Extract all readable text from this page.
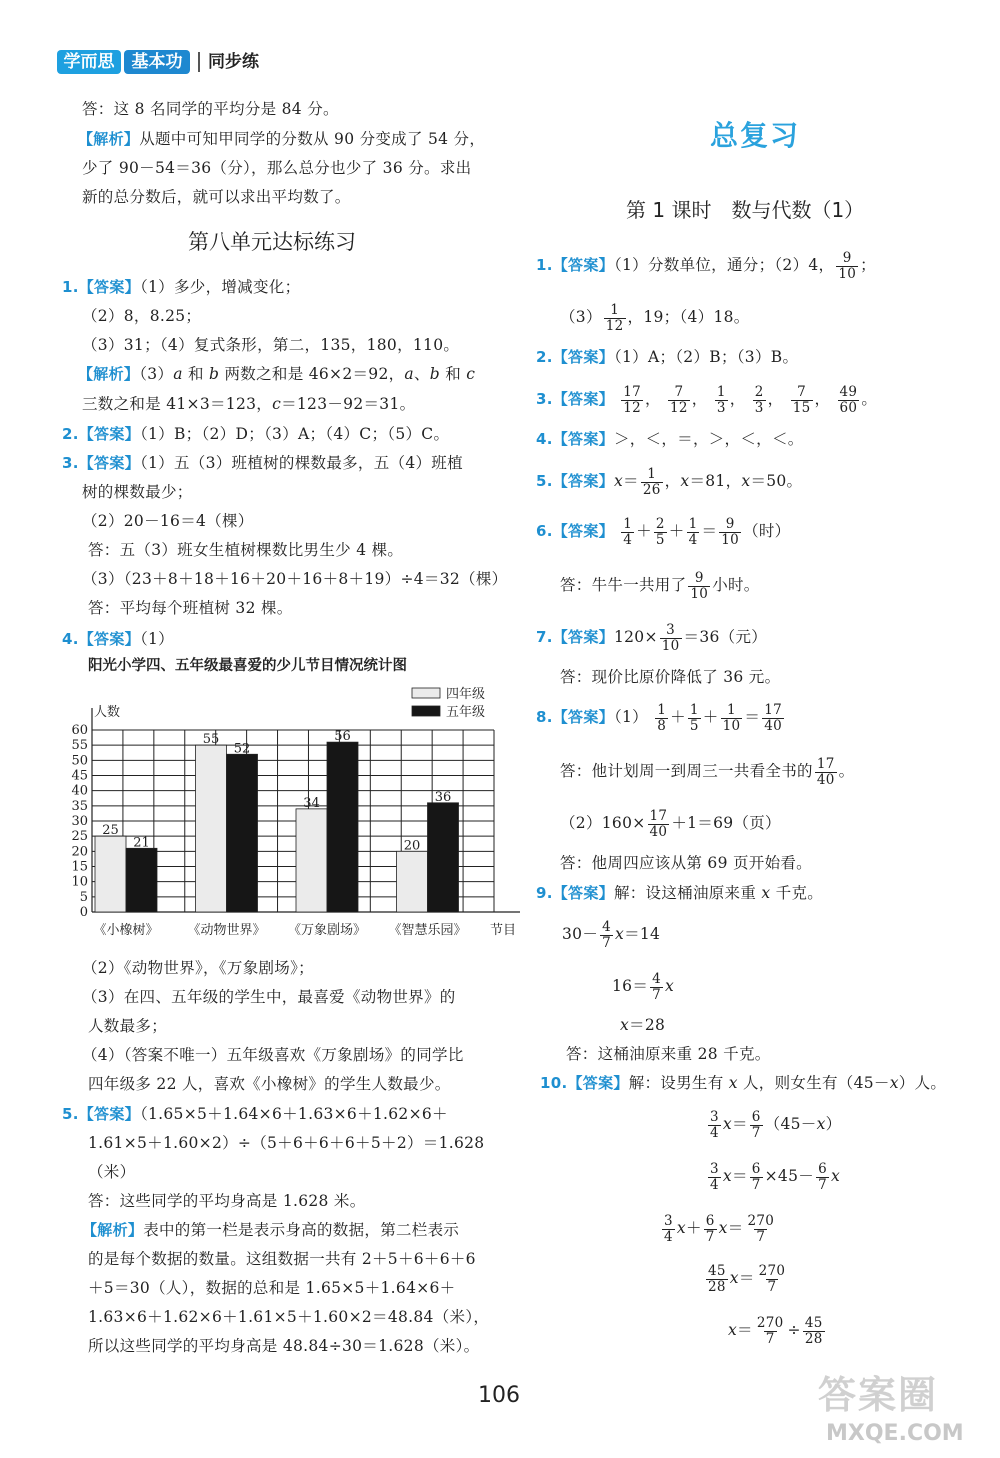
学而思	基本功	同步练
答：这 8 名同学的平均分是 84 分。
【解析】从题中可知甲同学的分数从 90 分变成了 54 分，
少了 90－54＝36（分），那么总分也少了 36 分。求出
新的总分数后，就可以求出平均数了。
第八单元达标练习
1.【答案】（1）多少，增减变化；
（2）8，8.25；
（3）31；（4）复式条形，第二，135，180，110。
【解析】（3）a 和 b 两数之和是 46×2＝92，a、b 和 c
三数之和是 41×3＝123，c＝123－92＝31。
2.【答案】（1）B；（2）D；（3）A；（4）C；（5）C。
3.【答案】（1）五（3）班植树的棵数最多，五（4）班植
树的棵数最少；
（2）20－16＝4（棵）
答：五（3）班女生植树棵数比男生少 4 棵。
（3）（23＋8＋18＋16＋20＋16＋8＋19）÷4＝32（棵）
答：平均每个班植树 32 棵。
4.【答案】（1）
阳光小学四、五年级最喜爱的少儿节目情况统计图
0
5
10
15
20
25
30
35
40
45
50
55
60
人数
节目
25
21
《小橡树》
55
52
《动物世界》
34
56
《万象剧场》
20
36
《智慧乐园》
四年级
五年级
（2）《动物世界》，《万象剧场》；
（3）在四、五年级的学生中，最喜爱《动物世界》的
人数最多；
（4）（答案不唯一）五年级喜欢《万象剧场》的同学比
四年级多 22 人，喜欢《小橡树》的学生人数最少。
5.【答案】（1.65×5＋1.64×6＋1.63×6＋1.62×6＋
1.61×5＋1.60×2）÷（5＋6＋6＋6＋5＋2）＝1.628
（米）
答：这些同学的平均身高是 1.628 米。
【解析】表中的第一栏是表示身高的数据，第二栏表示
的是每个数据的数量。这组数据一共有 2＋5＋6＋6＋6
＋5＝30（人），数据的总和是 1.65×5＋1.64×6＋
1.63×6＋1.62×6＋1.61×5＋1.60×2＝48.84（米），
所以这些同学的平均身高是 48.84÷30＝1.628（米）。
总复习
第 1 课时　数与代数（1）
1.【答案】（1）分数单位，通分；（2）4， $\frac{9}{10}$ ；
$(3) \frac{1}{12}$ ，19；（4）18。
2.【答案】（1）A；（2）B；（3）B。
3.【答案】 $\frac{17}{12}$ ， $\frac{7}{12}$ ， $\frac{1}{3}$ ， $\frac{2}{3}$ ， $\frac{7}{15}$ ， $\frac{49}{60}$ 。
4.【答案】＞，＜，＝，＞，＜，＜。
5.【答案】$x= \frac{1}{26}$ ，x＝81，x＝50。
6.【答案】 $\frac{1}{4} + \frac{2}{5} + \frac{1}{4} = \frac{9}{10}$ （时）
答：牛牛一共用了 $\frac{9}{10}$ 小时。
7.【答案】$120\times \frac{3}{10} =36$（元）
答：现价比原价降低了 36 元。
8.【答案】$(1) \frac{1}{8} + \frac{1}{5} + \frac{1}{10} = \frac{17}{40}$
答：他计划周一到周三一共看全书的 $\frac{17}{40}$ 。
$(2)160\times \frac{17}{40} +1=69$（页）
答：他周四应该从第 69 页开始看。
9.【答案】解：设这桶油原来重 x 千克。
$30- \frac{4}{7} x=14$
$16= \frac{4}{7}$ x
x＝28
答：这桶油原来重 28 千克。
10.【答案】解：设男生有 x 人，则女生有（45－x）人。
$\frac{3}{4} x= \frac{6}{7} (45-x)$
$\frac{3}{4} x= \frac{6}{7} \times 45- \frac{6}{7}$ x
$\frac{3}{4} x+ \frac{6}{7} x= \frac{270}{7}$
$\frac{45}{28} x= \frac{270}{7}$
$x= \frac{270}{7} \div \frac{45}{28}$
106	答案圈
MXQE.COM
